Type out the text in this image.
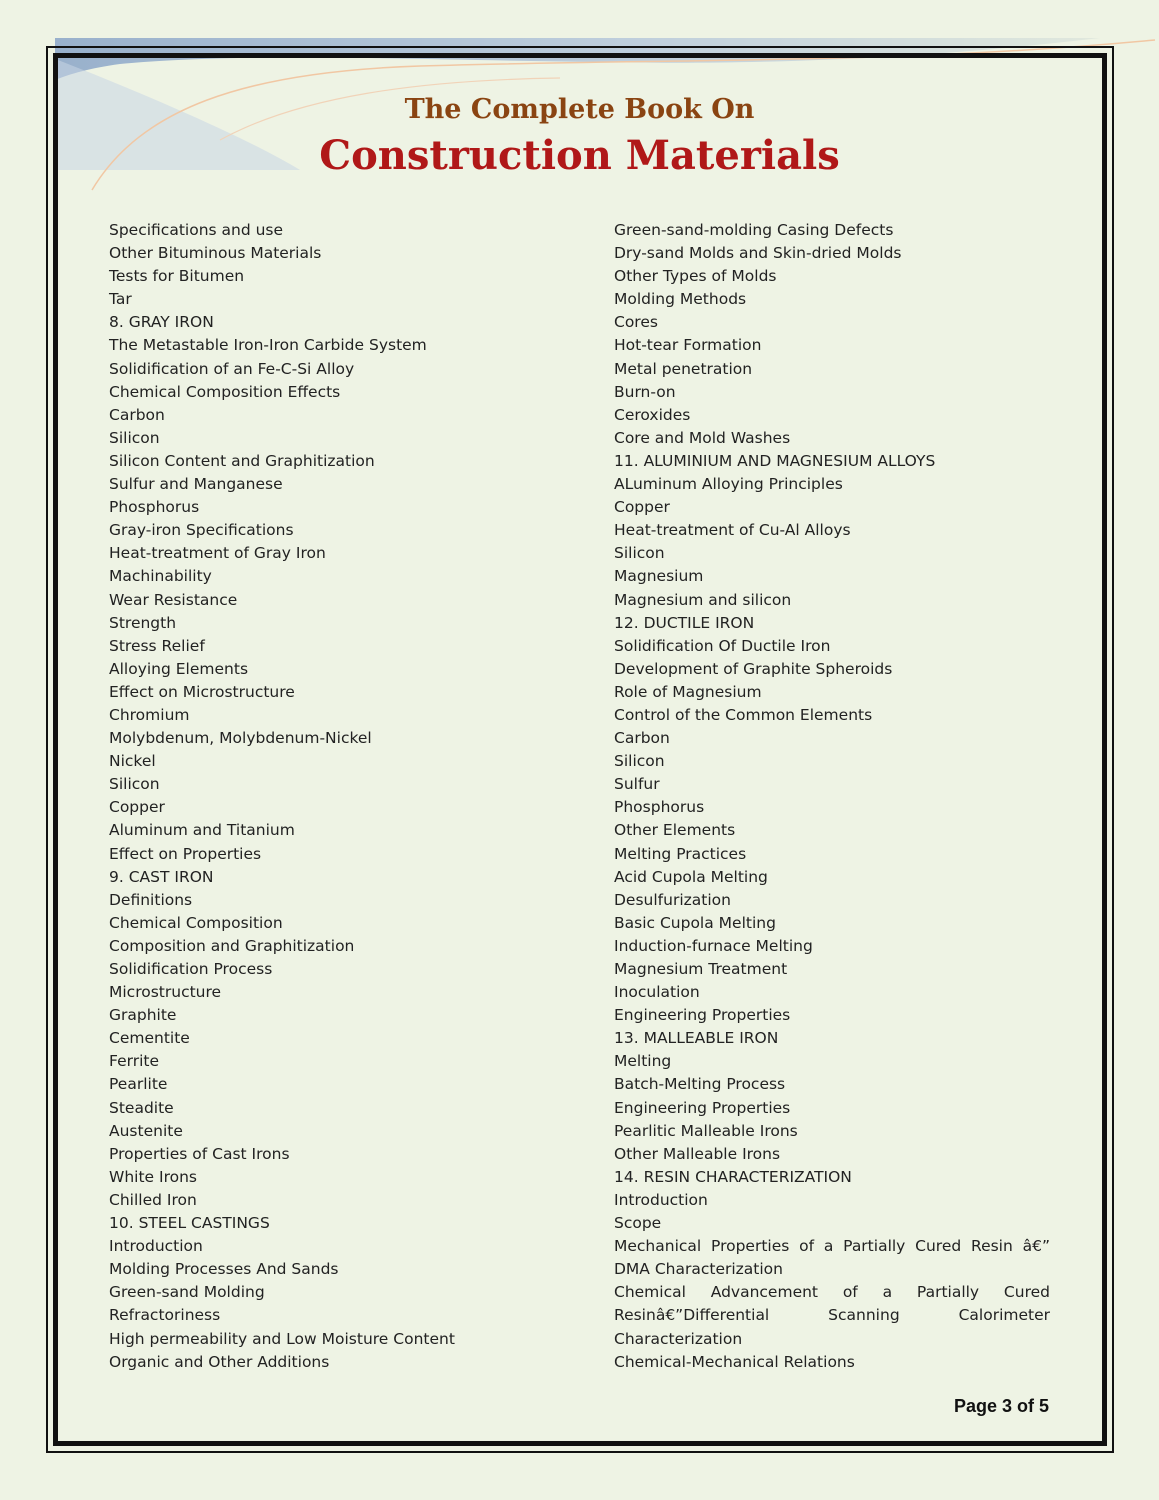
The Complete Book On
Construction Materials
Specifications and use
Other Bituminous Materials
Tests for Bitumen
Tar
8. GRAY IRON
The Metastable Iron-Iron Carbide System
Solidification of an Fe-C-Si Alloy
Chemical Composition Effects
Carbon
Silicon
Silicon Content and Graphitization
Sulfur and Manganese
Phosphorus
Gray-iron Specifications
Heat-treatment of Gray Iron
Machinability
Wear Resistance
Strength
Stress Relief
Alloying Elements
Effect on Microstructure
Chromium
Molybdenum, Molybdenum-Nickel
Nickel
Silicon
Copper
Aluminum and Titanium
Effect on Properties
9. CAST IRON
Definitions
Chemical Composition
Composition and Graphitization
Solidification Process
Microstructure
Graphite
Cementite
Ferrite
Pearlite
Steadite
Austenite
Properties of Cast Irons
White Irons
Chilled Iron
10. STEEL CASTINGS
Introduction
Molding Processes And Sands
Green-sand Molding
Refractoriness
High permeability and Low Moisture Content
Organic and Other Additions
Green-sand-molding Casing Defects
Dry-sand Molds and Skin-dried Molds
Other Types of Molds
Molding Methods
Cores
Hot-tear Formation
Metal penetration
Burn-on
Ceroxides
Core and Mold Washes
11. ALUMINIUM AND MAGNESIUM ALLOYS
ALuminum Alloying Principles
Copper
Heat-treatment of Cu-Al Alloys
Silicon
Magnesium
Magnesium and silicon
12. DUCTILE IRON
Solidification Of Ductile Iron
Development of Graphite Spheroids
Role of Magnesium
Control of the Common Elements
Carbon
Silicon
Sulfur
Phosphorus
Other Elements
Melting Practices
Acid Cupola Melting
Desulfurization
Basic Cupola Melting
Induction-furnace Melting
Magnesium Treatment
Inoculation
Engineering Properties
13. MALLEABLE IRON
Melting
Batch-Melting Process
Engineering Properties
Pearlitic Malleable Irons
Other Malleable Irons
14. RESIN CHARACTERIZATION
Introduction
Scope
Mechanical Properties of a Partially Cured Resin â€”
DMA Characterization
Chemical Advancement of a Partially Cured
Resinâ€”Differential Scanning Calorimeter
Characterization
Chemical-Mechanical Relations
Page 3 of 5
